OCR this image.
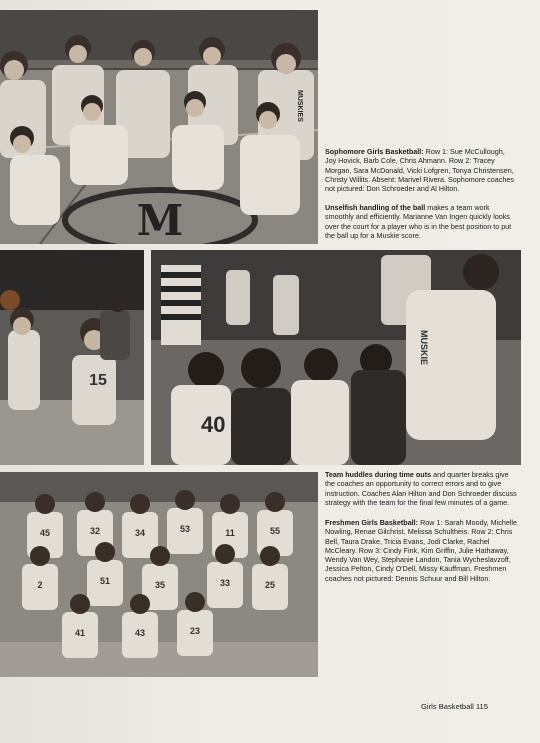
M
MUSKIES
Sophomore Girls Basketball: Row 1: Sue McCullough, Joy Hovick, Barb Cole, Chris Ahmann. Row 2: Tracey Morgan, Sara McDonald, Vicki Lofgren, Tonya Christensen, Christy Willits. Absent: Marivel Rivera. Sophomore coaches not pictured: Don Schroeder and Al Hilton.
Unselfish handling of the ball makes a team work smoothly and efficiently. Marianne Van Ingen quickly looks over the court for a player who is in the best position to put the ball up for a Muskie score.
15
40
MUSKIE
Team huddles during time outs and quarter breaks give the coaches an opportunity to correct errors and to give instruction. Coaches Alan Hilton and Don Schroeder discuss strategy with the team for the final few minutes of a game.
45	32	34	53	11	55
2	51	35	33	25
41	43	23
Freshmen Girls Basketball: Row 1: Sarah Moody, Michelle Nowling, Renae Gilchrist, Melissa Schultheis. Row 2: Chris Bell, Taura Drake, Tricia Evans, Jodi Clarke, Rachel McCleary. Row 3: Cindy Fink, Kim Griffin, Julie Hathaway, Wendy Van Wey, Stephanie Landon, Tania Wycheslavzoff, Jessica Pelton, Cindy O'Dell, Missy Kauffman. Freshmen coaches not pictured: Dennis Schuur and Bill Hilton.
Girls Basketball 115
